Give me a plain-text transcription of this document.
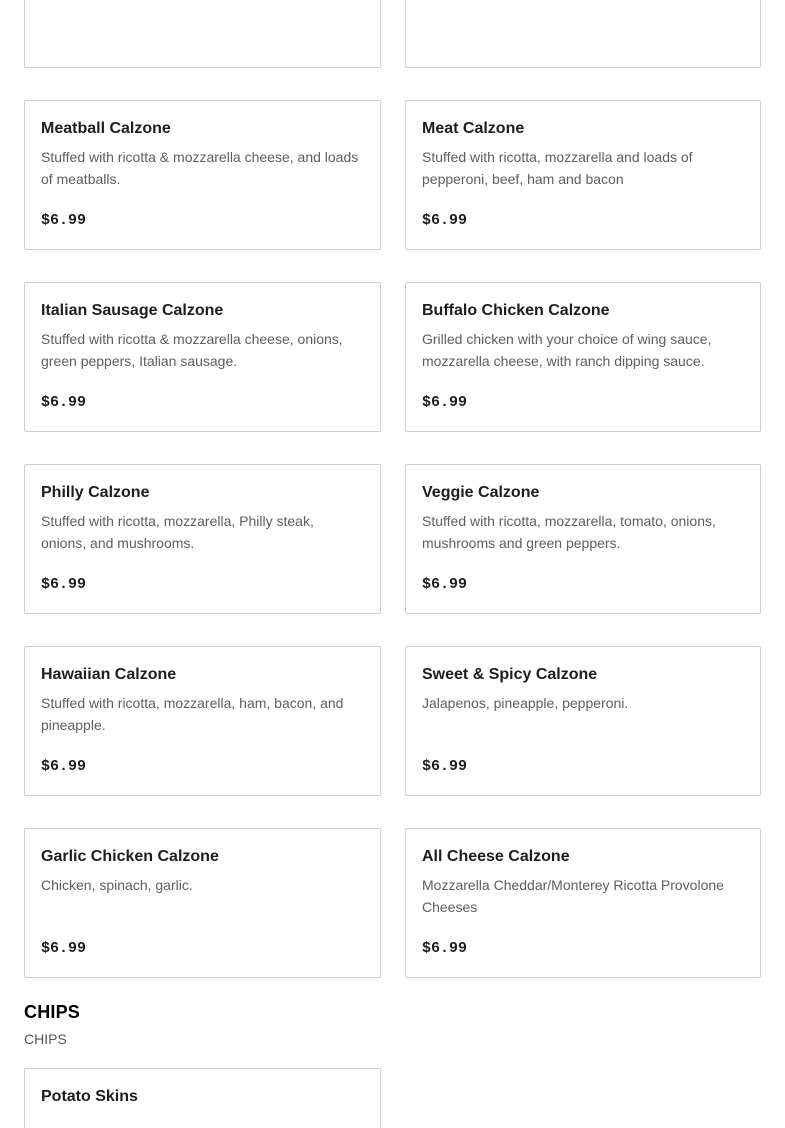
Meatball Calzone
Stuffed with ricotta & mozzarella cheese, and loads of meatballs.
$6.99
Meat Calzone
Stuffed with ricotta, mozzarella and loads of pepperoni, beef, ham and bacon
$6.99
Italian Sausage Calzone
Stuffed with ricotta & mozzarella cheese, onions, green peppers, Italian sausage.
$6.99
Buffalo Chicken Calzone
Grilled chicken with your choice of wing sauce, mozzarella cheese, with ranch dipping sauce.
$6.99
Philly Calzone
Stuffed with ricotta, mozzarella, Philly steak, onions, and mushrooms.
$6.99
Veggie Calzone
Stuffed with ricotta, mozzarella, tomato, onions, mushrooms and green peppers.
$6.99
Hawaiian Calzone
Stuffed with ricotta, mozzarella, ham, bacon, and pineapple.
$6.99
Sweet & Spicy Calzone
Jalapenos, pineapple, pepperoni.
$6.99
Garlic Chicken Calzone
Chicken, spinach, garlic.
$6.99
All Cheese Calzone
Mozzarella Cheddar/Monterey Ricotta Provolone Cheeses
$6.99
CHIPS
CHIPS
Potato Skins
